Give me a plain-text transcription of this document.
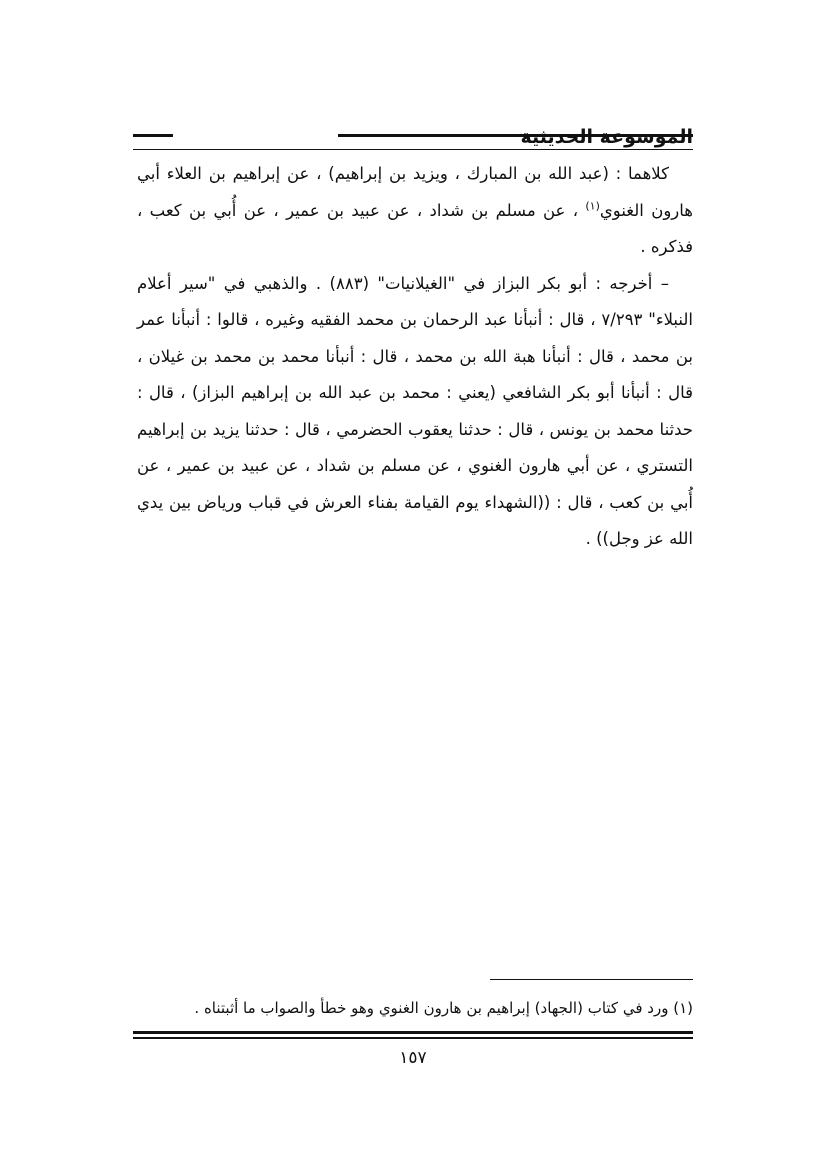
الموسوعة الحديثية

كلاهما : (عبد الله بن المبارك ، ويزيد بن إبراهيم) ، عن إبراهيم بن العلاء أبي هارون الغنوي$^{(١)}$ ، عن مسلم بن شداد ، عن عبيد بن عمير ، عن أُبي بن كعب ، فذكره .

– أخرجه : أبو بكر البزاز في "الغيلانيات" (٨٨٣) . والذهبي في "سير أعلام النبلاء" ٧/٢٩٣ ، قال : أنبأنا عبد الرحمان بن محمد الفقيه وغيره ، قالوا : أنبأنا عمر بن محمد ، قال : أنبأنا هبة الله بن محمد ، قال : أنبأنا محمد بن محمد بن غيلان ، قال : أنبأنا أبو بكر الشافعي (يعني : محمد بن عبد الله بن إبراهيم البزاز) ، قال : حدثنا محمد بن يونس ، قال : حدثنا يعقوب الحضرمي ، قال : حدثنا يزيد بن إبراهيم التستري ، عن أبي هارون الغنوي ، عن مسلم بن شداد ، عن عبيد بن عمير ، عن أُبي بن كعب ، قال : ((الشهداء يوم القيامة بفناء العرش في قباب ورياض بين يدي الله عز وجل)) .

(١) ورد في كتاب (الجهاد) إبراهيم بن هارون الغنوي وهو خطأ والصواب ما أثبتناه .
١٥٧
